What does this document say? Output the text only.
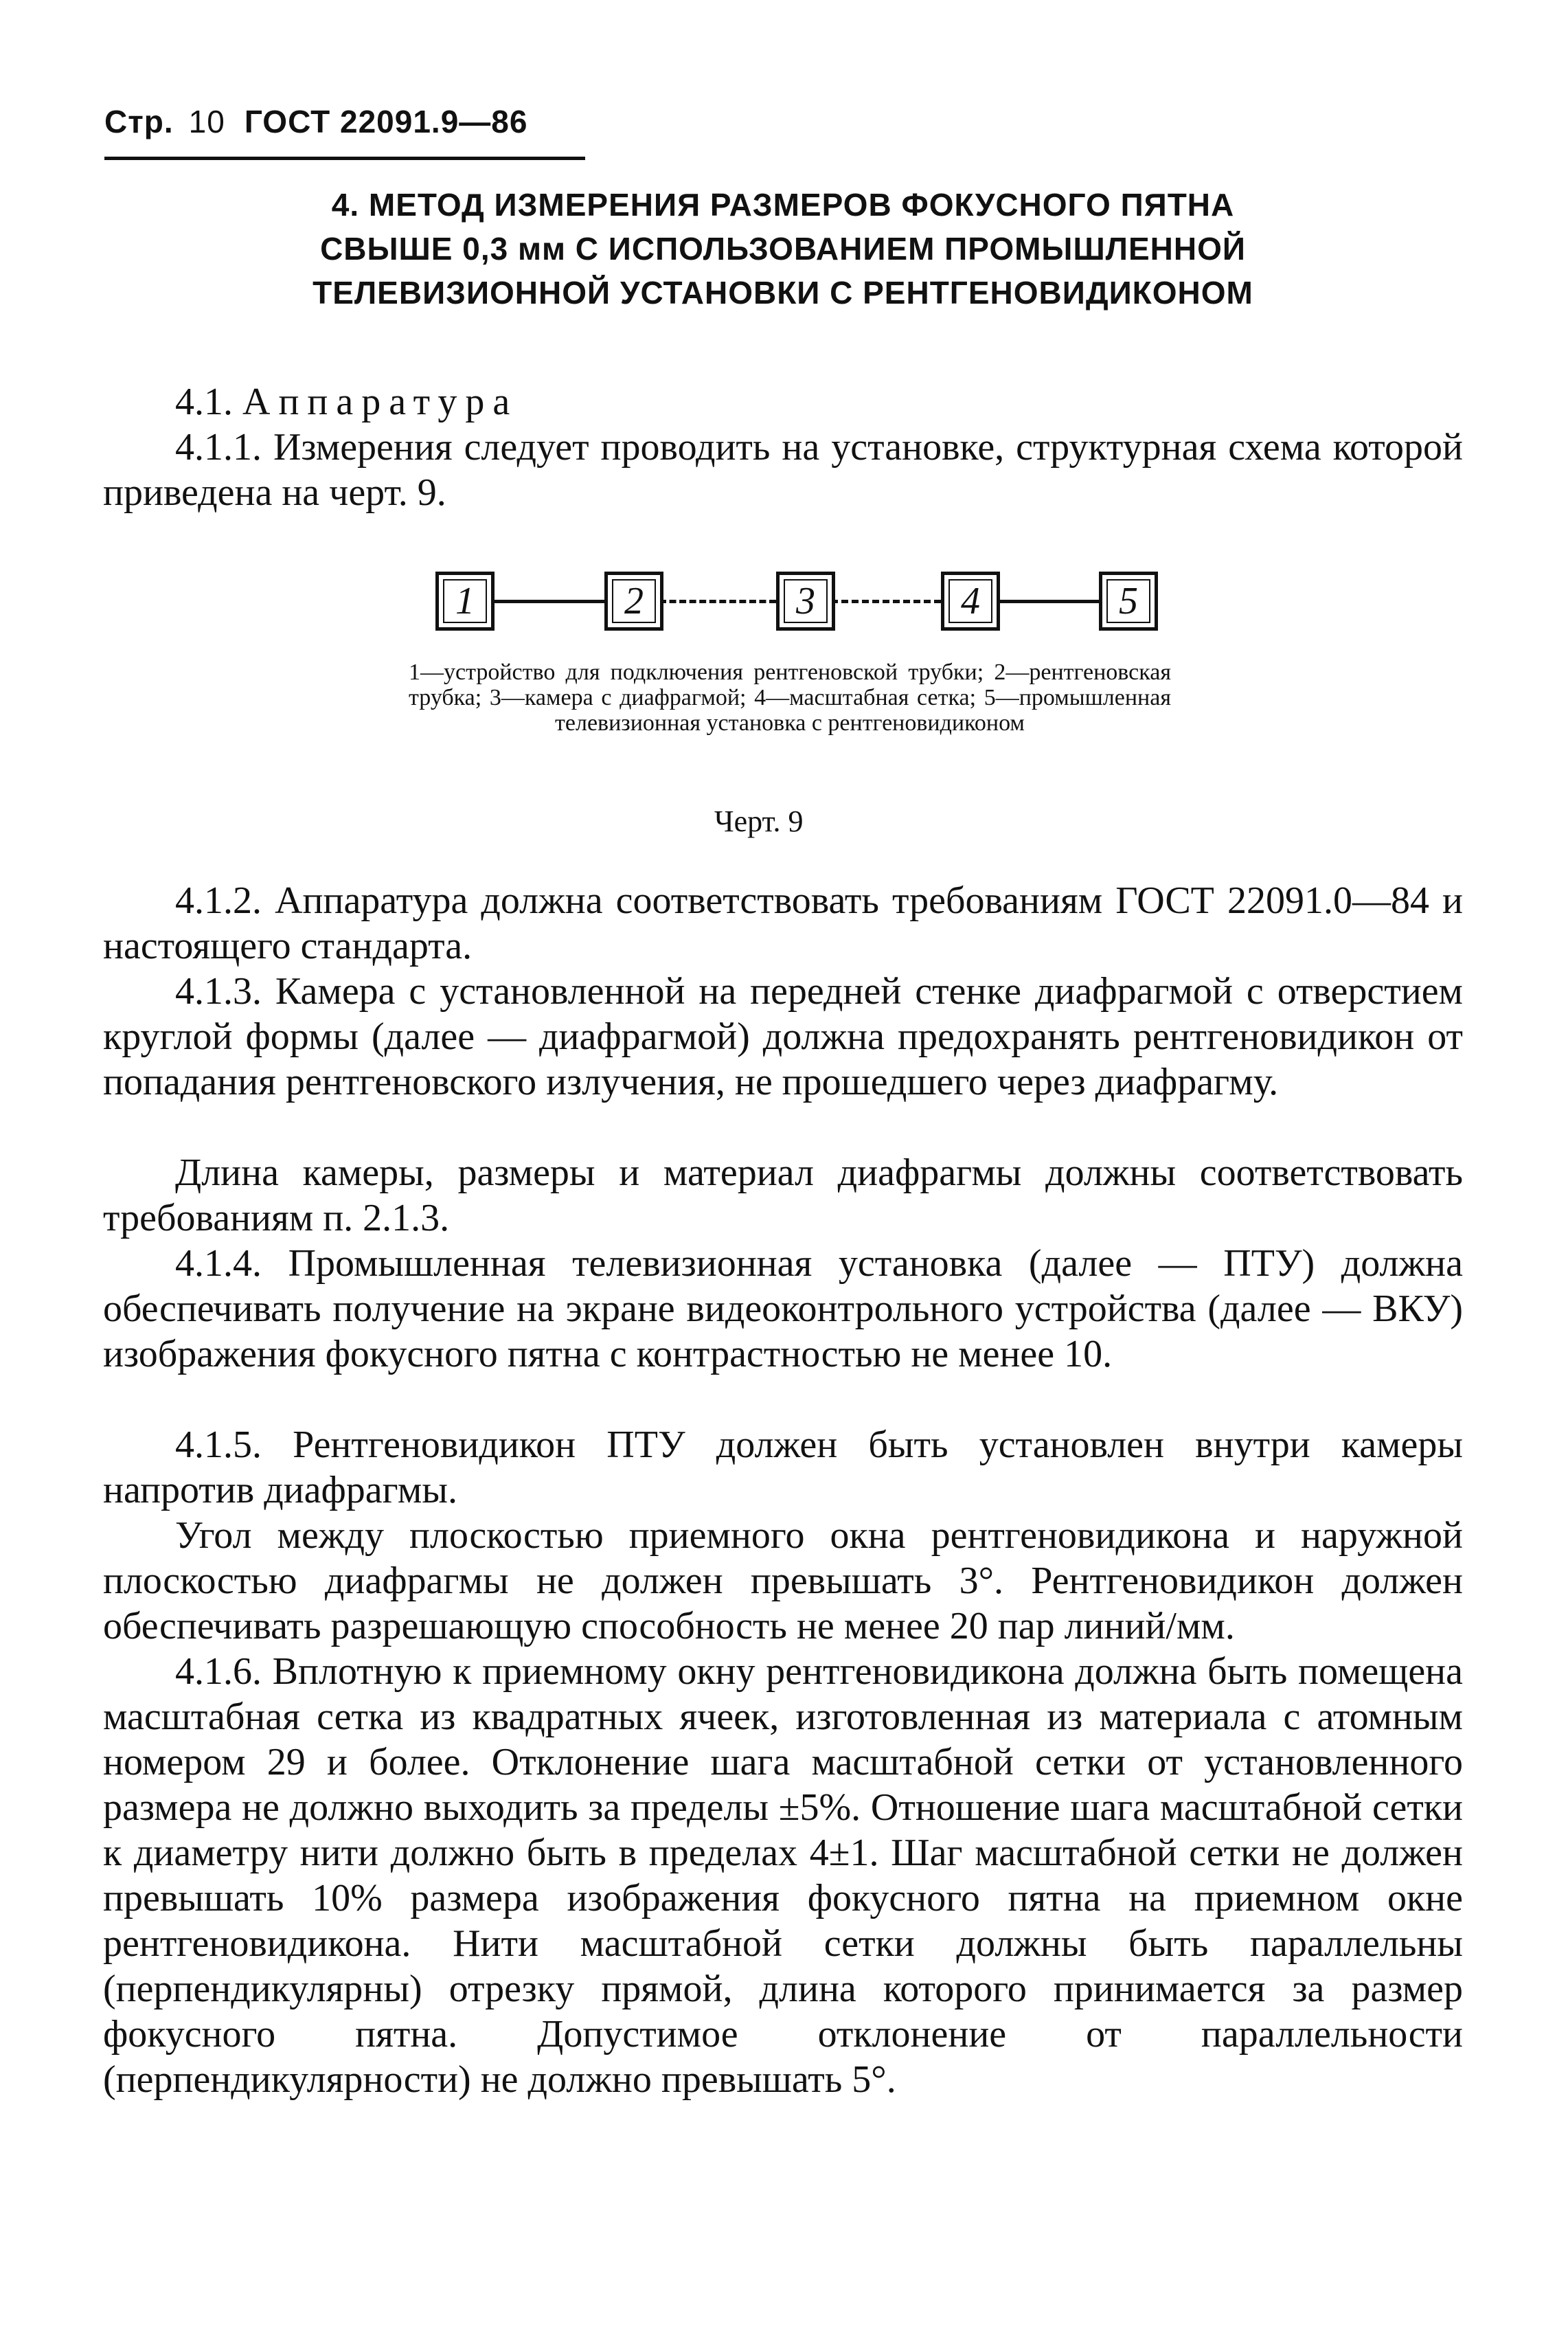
Стр. 10 ГОСТ 22091.9—86
4. МЕТОД ИЗМЕРЕНИЯ РАЗМЕРОВ ФОКУСНОГО ПЯТНА
СВЫШЕ 0,3 мм С ИСПОЛЬЗОВАНИЕМ ПРОМЫШЛЕННОЙ
ТЕЛЕВИЗИОННОЙ УСТАНОВКИ С РЕНТГЕНОВИДИКОНОМ
4.1. Аппаратура
4.1.1. Измерения следует проводить на установке, структурная схема которой приведена на черт. 9.
1	2	3	4	5
1—устройство для подключения рентгеновской трубки; 2—рентгеновская трубка; 3—камера с диафрагмой; 4—масштабная сетка; 5—промышленная телевизионная установка с рентгеновидиконом
Черт. 9
4.1.2. Аппаратура должна соответствовать требованиям ГОСТ 22091.0—84 и настоящего стандарта.
4.1.3. Камера с установленной на передней стенке диафрагмой с отверстием круглой формы (далее — диафрагмой) должна предохранять рентгеновидикон от попадания рентгеновского излучения, не прошедшего через диафрагму.
Длина камеры, размеры и материал диафрагмы должны соответствовать требованиям п. 2.1.3.
4.1.4. Промышленная телевизионная установка (далее — ПТУ) должна обеспечивать получение на экране видеоконтрольного устройства (далее — ВКУ) изображения фокусного пятна с контрастностью не менее 10.
4.1.5. Рентгеновидикон ПТУ должен быть установлен внутри камеры напротив диафрагмы.
Угол между плоскостью приемного окна рентгеновидикона и наружной плоскостью диафрагмы не должен превышать 3°. Рентгеновидикон должен обеспечивать разрешающую способность не менее 20 пар линий/мм.
4.1.6. Вплотную к приемному окну рентгеновидикона должна быть помещена масштабная сетка из квадратных ячеек, изготовленная из материала с атомным номером 29 и более. Отклонение шага масштабной сетки от установленного размера не должно выходить за пределы ±5%. Отношение шага масштабной сетки к диаметру нити должно быть в пределах 4±1. Шаг масштабной сетки не должен превышать 10% размера изображения фокусного пятна на приемном окне рентгеновидикона. Нити масштабной сетки должны быть параллельны (перпендикулярны) отрезку прямой, длина которого принимается за размер фокусного пятна. Допустимое отклонение от параллельности (перпендикулярности) не должно превышать 5°.
